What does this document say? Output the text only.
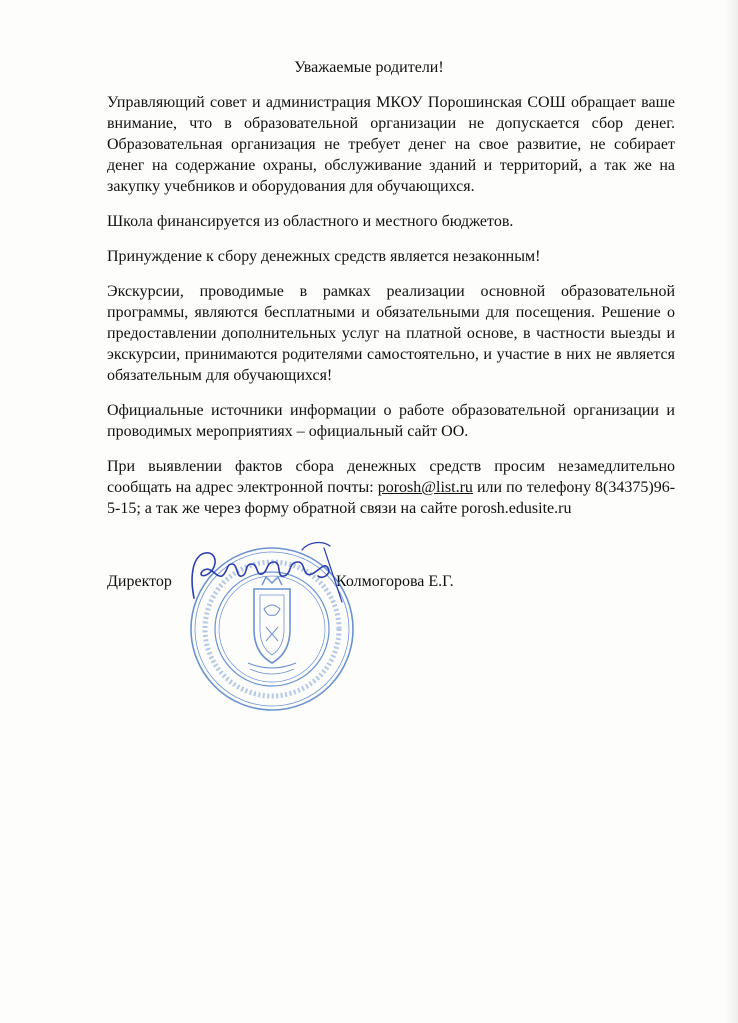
Уважаемые родители!

Управляющий совет и администрация МКОУ Порошинская СОШ обращает ваше внимание, что в образовательной организации не допускается сбор денег. Образовательная организация не требует денег на свое развитие, не собирает денег на содержание охраны, обслуживание зданий и территорий, а так же на закупку учебников и оборудования для обучающихся.

Школа финансируется из областного и местного бюджетов.

Принуждение к сбору денежных средств является незаконным!

Экскурсии, проводимые в рамках реализации основной образовательной программы, являются бесплатными и обязательными для посещения. Решение о предоставлении дополнительных услуг на платной основе, в частности выезды и экскурсии, принимаются родителями самостоятельно, и участие в них не является обязательным для обучающихся!

Официальные источники информации о работе образовательной организации и проводимых мероприятиях – официальный сайт ОО.

При выявлении фактов сбора денежных средств просим незамедлительно сообщать на адрес электронной почты: porosh@list.ru или по телефону 8(34375)96-5-15; а так же через форму обратной связи на сайте porosh.edusite.ru

Директор	Колмогорова Е.Г.
